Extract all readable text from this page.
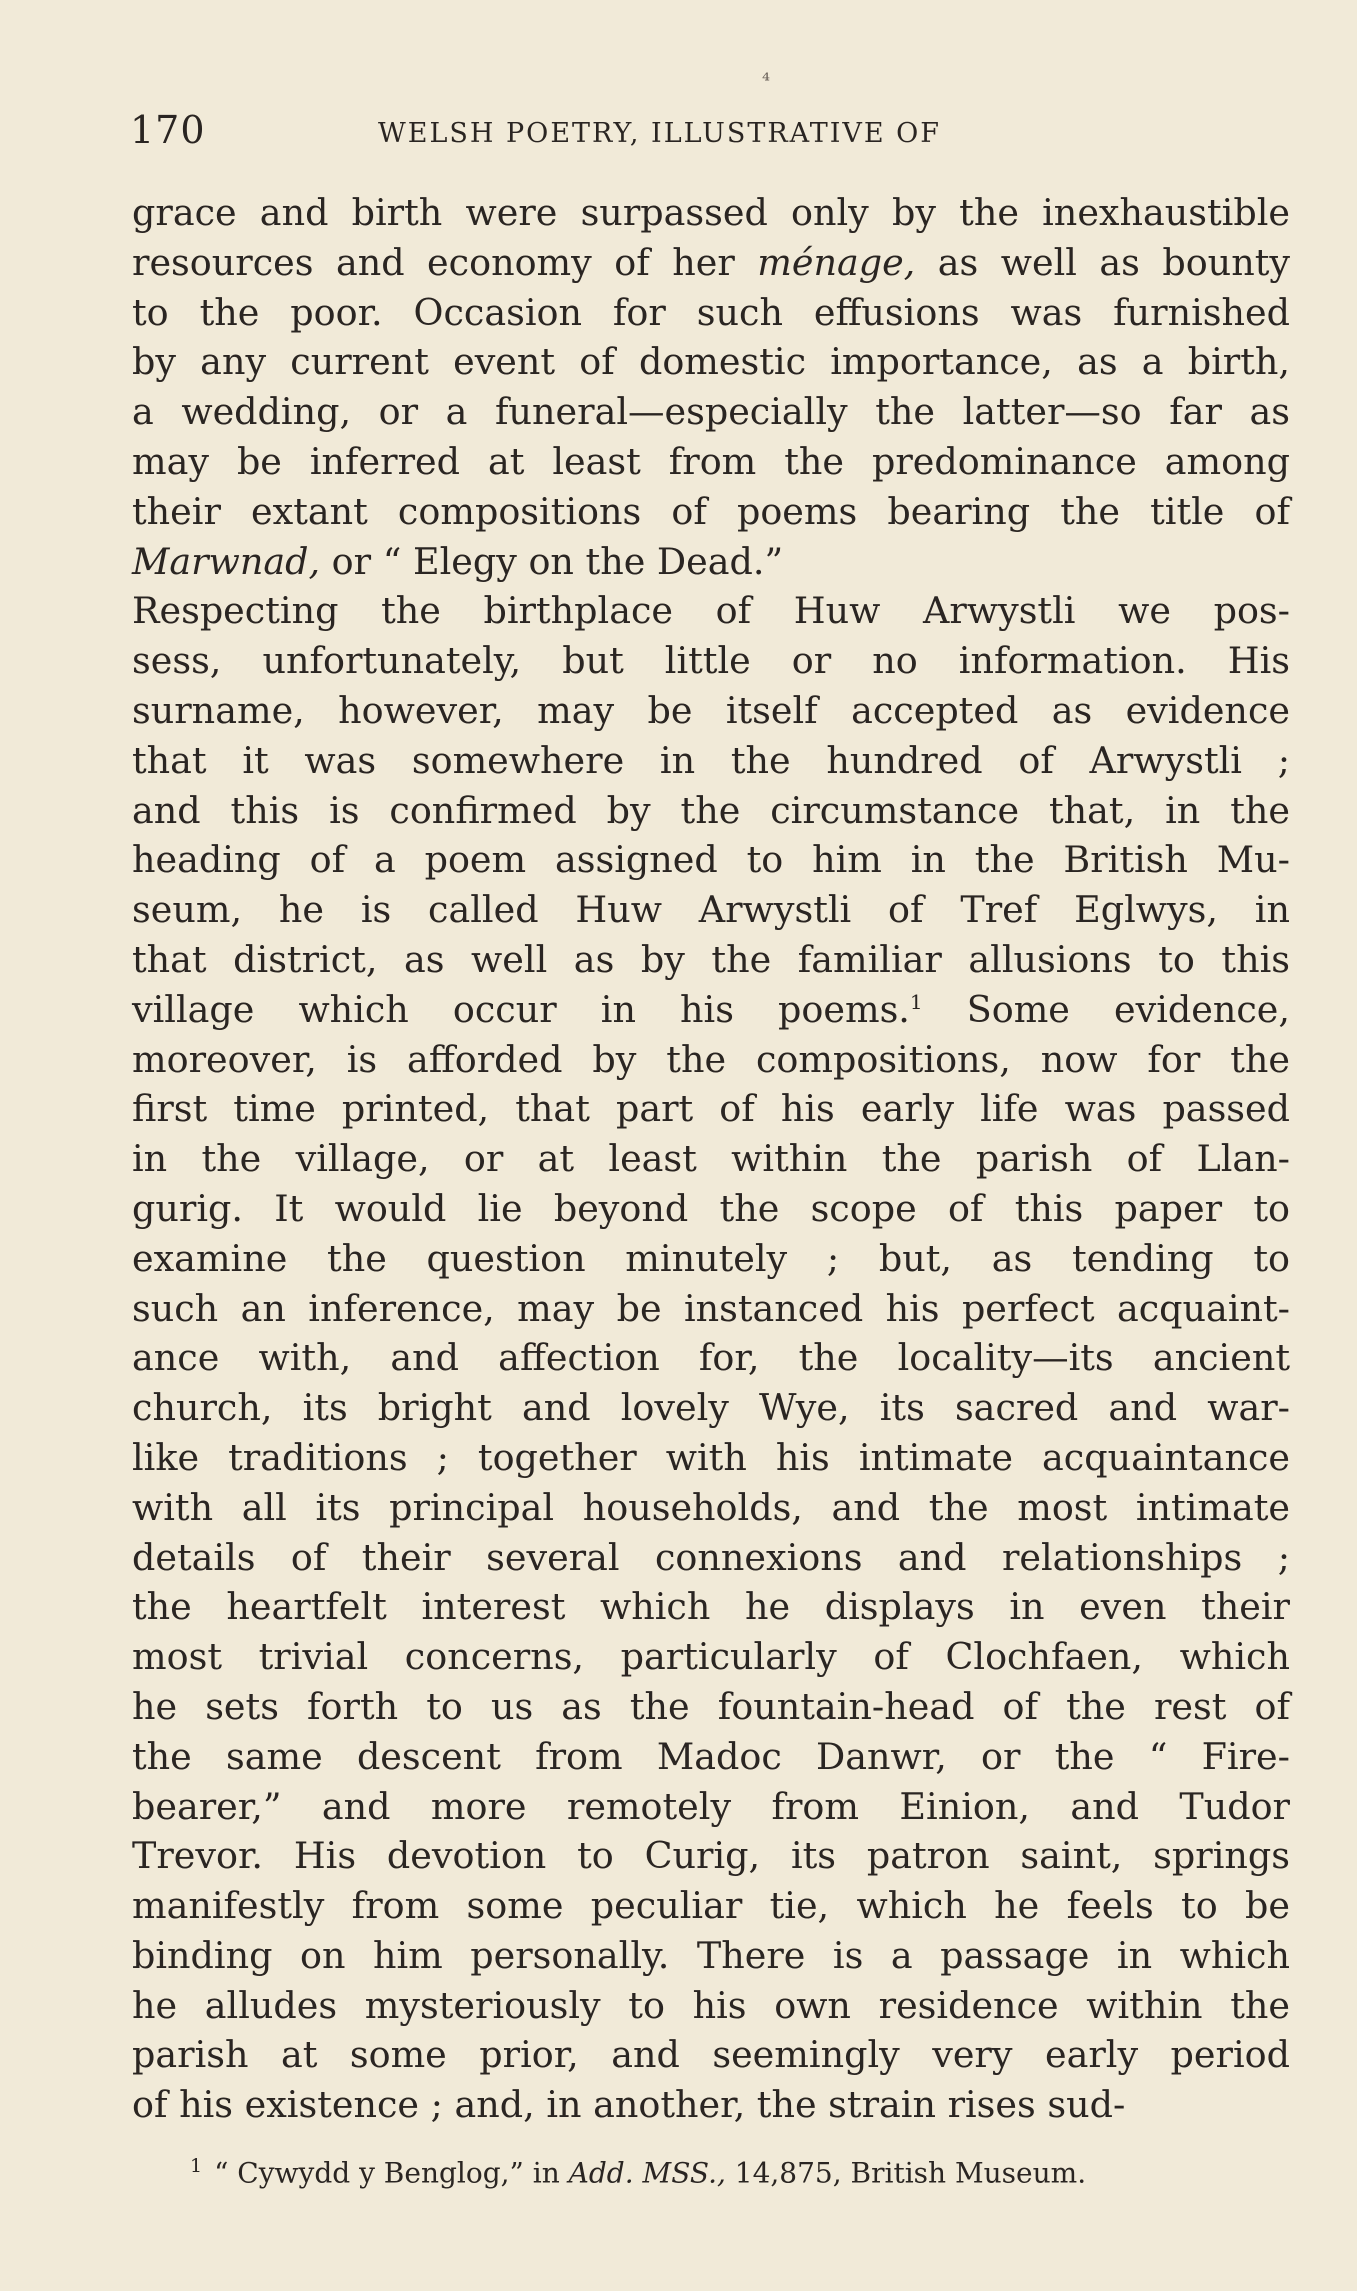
⁴
170	WELSH POETRY, ILLUSTRATIVE OF
grace and birth were surpassed only by the inexhaustible
resources and economy of her ménage, as well as bounty
to the poor. Occasion for such effusions was furnished
by any current event of domestic importance, as a birth,
a wedding, or a funeral—especially the latter—so far as
may be inferred at least from the predominance among
their extant compositions of poems bearing the title of
Marwnad, or “ Elegy on the Dead.”
Respecting the birthplace of Huw Arwystli we pos-
sess, unfortunately, but little or no information. His
surname, however, may be itself accepted as evidence
that it was somewhere in the hundred of Arwystli ;
and this is confirmed by the circumstance that, in the
heading of a poem assigned to him in the British Mu-
seum, he is called Huw Arwystli of Tref Eglwys, in
that district, as well as by the familiar allusions to this
village which occur in his poems.$^1$ Some evidence,
moreover, is afforded by the compositions, now for the
first time printed, that part of his early life was passed
in the village, or at least within the parish of Llan-
gurig. It would lie beyond the scope of this paper to
examine the question minutely ; but, as tending to
such an inference, may be instanced his perfect acquaint-
ance with, and affection for, the locality—its ancient
church, its bright and lovely Wye, its sacred and war-
like traditions ; together with his intimate acquaintance
with all its principal households, and the most intimate
details of their several connexions and relationships ;
the heartfelt interest which he displays in even their
most trivial concerns, particularly of Clochfaen, which
he sets forth to us as the fountain-head of the rest of
the same descent from Madoc Danwr, or the “ Fire-
bearer,” and more remotely from Einion, and Tudor
Trevor. His devotion to Curig, its patron saint, springs
manifestly from some peculiar tie, which he feels to be
binding on him personally. There is a passage in which
he alludes mysteriously to his own residence within the
parish at some prior, and seemingly very early period
of his existence ; and, in another, the strain rises sud-
$^1$ “ Cywydd y Benglog,” in Add. MSS., 14,875, British Museum.
